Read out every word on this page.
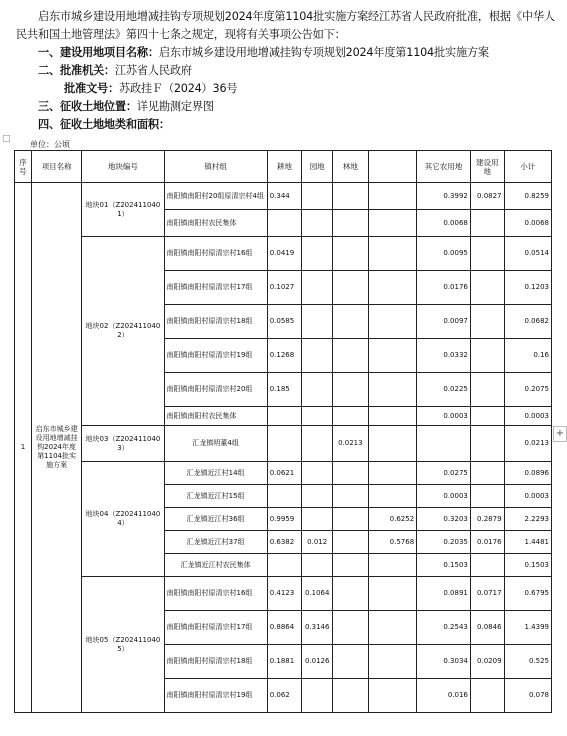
启东市城乡建设用地增减挂钩专项规划2024年度第1104批实施方案经江苏省人民政府批准，根据《中华人民共和国土地管理法》第四十七条之规定，现将有关事项公告如下：

一、建设用地项目名称：启东市城乡建设用地增减挂钩专项规划2024年度第1104批实施方案

二、批准机关：江苏省人民政府

批准文号：苏政挂Ｆ（2024）36号

三、征收土地位置：详见勘测定界图

四、征收土地地类和面积：

□
单位：公顷
序号	项目名称	地块编号	镇村组	耕地	园地	林地		其它农用地	建设用地	小计
1	启东市城乡建设用地增减挂钩2024年度第1104批实施方案	地块01（Z2024110401）	南阳镇南阳村20组原清宗村4组	0.344				0.3992	0.0827	0.8259
			南阳镇南阳村农民集体					0.0068		0.0068
		地块02（Z2024110402）	南阳镇南阳村原清宗村16组	0.0419				0.0095		0.0514
			南阳镇南阳村原清宗村17组	0.1027				0.0176		0.1203
			南阳镇南阳村原清宗村18组	0.0585				0.0097		0.0682
			南阳镇南阳村原清宗村19组	0.1268				0.0332		0.16
			南阳镇南阳村原清宗村20组	0.185				0.0225		0.2075
			南阳镇南阳村农民集体					0.0003		0.0003
		地块03（Z2024110403）	汇龙镇明董4组			0.0213				0.0213
		地块04（Z2024110404）	汇龙镇近江村14组	0.0621				0.0275		0.0896
			汇龙镇近江村15组					0.0003		0.0003
			汇龙镇近江村36组	0.9959			0.6252	0.3203	0.2879	2.2293
			汇龙镇近江村37组	0.6382	0.012		0.5768	0.2035	0.0176	1.4481
			汇龙镇近江村农民集体					0.1503		0.1503
		地块05（Z2024110405）	南阳镇南阳村原清宗村16组	0.4123	0.1064			0.0891	0.0717	0.6795
			南阳镇南阳村原清宗村17组	0.8864	0.3146			0.2543	0.0846	1.4399
			南阳镇南阳村原清宗村18组	0.1881	0.0126			0.3034	0.0209	0.525
			南阳镇南阳村原清宗村19组	0.062				0.016		0.078
+
